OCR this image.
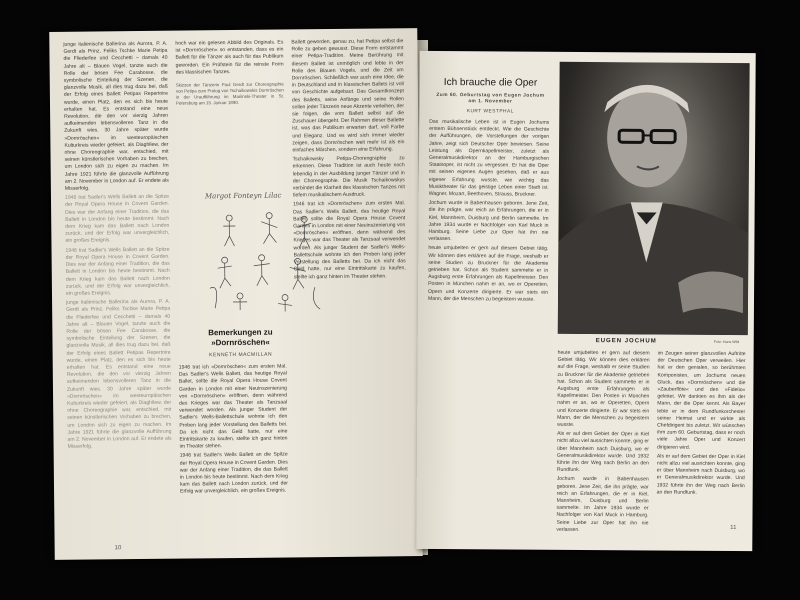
junge italienische Ballerina als Aurora, P. A. Gerdt als Prinz, Feliks Tschke Marie Petipa die Fliederfee und Cecchetti – damals 40 Jahre alt – Blauen Vogel, tanzte auch die Rolle der bösen Fee Carabosse, die symbolische Einteilung der Szenen, die glanzvolle Musik, all dies trug dazu bei, daß der Erfolg eines Ballett Petipas Repertoire wurde, einen Platz, den es sich bis heute erhalten hat. Es entstand eine neue Revolution, die den vor vierzig Jahren aufkeimenden lebensvolleren Tanz in die Zukunft wies. 30 Jahre später wurde »Dornröschen« im westeuropäischen Kulturkreis wieder gefeiert, als Diaghilew, der ohne Choreographie war, entschied, mit seinen künstlerischen Vorhaben zu brechen, um London sich zu eigen zu machen. Im Jahre 1921 führte die glanzvolle Aufführung am 2. November in London auf. Er endete als Misserfolg.

1946 trat Sadler's Wells Ballett an die Spitze der Royal Opera House in Covent Garden. Dies war der Anfang einer Tradition, die das Ballett in London bis heute bestimmt. Nach dem Krieg kam das Ballett nach London zurück, und der Erfolg war unvergleichlich, ein großes Ereignis.

1946 trat Sadler's Wells Ballett an die Spitze der Royal Opera House in Covent Garden. Dies war der Anfang einer Tradition, die das Ballett in London bis heute bestimmt. Nach dem Krieg kam das Ballett nach London zurück, und der Erfolg war unvergleichlich, ein großes Ereignis.

junge italienische Ballerina als Aurora, P. A. Gerdt als Prinz, Feliks Tschke Marie Petipa die Fliederfee und Cecchetti – damals 40 Jahre alt – Blauen Vogel, tanzte auch die Rolle der bösen Fee Carabosse, die symbolische Einteilung der Szenen, die glanzvolle Musik, all dies trug dazu bei, daß der Erfolg eines Ballett Petipas Repertoire wurde, einen Platz, den es sich bis heute erhalten hat. Es entstand eine neue Revolution, die den vor vierzig Jahren aufkeimenden lebensvolleren Tanz in die Zukunft wies. 30 Jahre später wurde »Dornröschen« im westeuropäischen Kulturkreis wieder gefeiert, als Diaghilew, der ohne Choreographie war, entschied, mit seinen künstlerischen Vorhaben zu brechen, um London sich zu eigen zu machen. Im Jahre 1921 führte die glanzvolle Aufführung am 2. November in London auf. Er endete als Misserfolg.

hoch war ein gelesen Abbild des Originals. Es ist »Dornröschen« so entstanden, dass es ein Ballett für die Tänzer als auch für das Publikum geworden. Ein Prüfstein für die reinste Form des klassischen Tanzes.

Skizzen der Tänzerin Paul Gerdt zur Choreographie von Petipa zum Prolog von Tschaikowskis Dornröschen in der Uraufführung im Mariinski-Theater in St. Petersburg am 15. Januar 1890.

Margot Fonteyn Lilac
Bemerkungen zu
»Dornröschen«
KENNETH MACMILLAN

1946 trat ich »Dornröschen« zum ersten Mal. Das Sadler's Wells Ballett, das heutige Royal Ballet, sollte die Royal Opera House Covent Garden in London mit einer Neuinszenierung von »Dornröschen« eröffnen, denn während des Krieges war das Theater als Tanzsaal verwendet worden. Als junger Student der Sadler's Wells-Ballettschule wohnte ich den Proben lang jeder Vorstellung des Balletts bei. Da ich nicht das Geld hatte, nur eine Eintrittskarte zu kaufen, stellte ich ganz hinten im Theater stehen.

1946 trat Sadler's Wells Ballett an die Spitze der Royal Opera House in Covent Garden. Dies war der Anfang einer Tradition, die das Ballett in London bis heute bestimmt. Nach dem Krieg kam das Ballett nach London zurück, und der Erfolg war unvergleichlich, ein großes Ereignis.

Ballett geworden, genau zu, hat Petipa selbst die Rolle zu geben gewusst. Diese Form entstammt einer Petipa-Tradition. Meine Berührung mit diesem Ballett ist unmöglich und lebte in der Rolle des Blauen Vogels, und die Zeit um Dornröschen. Schließlich war auch eine Idee, die in Deutschland und in klassischen Ballets ist voll von Geschichte aufgebaut. Das Gesamtkonzept des Balletts, seine Anfänge und seine Rollen sollen jeder Tänzerin neue Akzente verleihen, der sie folgen, die vom Ballett selbst auf die Zuschauer übergeht. Der Rahmen dieser Ballette ist, was das Publikum erwarten darf, voll Farbe und Eleganz. Und es wird sich immer wieder zeigen, dass Dornröschen weit mehr ist als ein einfaches Märchen, sondern eine Erfahrung.

Tschaikowsky Petipa-Choreographie zu erkennen. Diese Tradition ist auch heute noch lebendig in der Ausbildung junger Tänzer und in der Choreographie. Die Musik Tschaikowskys verbindet die Klarheit des klassischen Tanzes mit tiefem musikalischem Ausdruck.

1946 trat ich »Dornröschen« zum ersten Mal. Das Sadler's Wells Ballett, das heutige Royal Ballet, sollte die Royal Opera House Covent Garden in London mit einer Neuinszenierung von »Dornröschen« eröffnen, denn während des Krieges war das Theater als Tanzsaal verwendet worden. Als junger Student der Sadler's Wells-Ballettschule wohnte ich den Proben lang jeder Vorstellung des Balletts bei. Da ich nicht das Geld hatte, nur eine Eintrittskarte zu kaufen, stellte ich ganz hinten im Theater stehen.

10
Ich brauche die Oper
Zum 60. Geburtstag von Eugen Jochum
am 1. November
KURT WESTPHAL

Das musikalische Leben ist in Eugen Jochums erstem Bühnenstück entdeckt. Wie die Geschichte der Aufführungen, die Vorstellungen der vorigen Jahre, zeigt sich Deutscher Oper bewiesen. Seine Leistung als Opernkapellmeister, zuletzt als Generalmusikdirektor an der Hamburgischen Staatsoper, ist nicht zu vergessen. Er hat die Oper mit seinen eigenen Augen gesehen, daß er aus eigener Erfahrung wusste, wie wichtig das Musiktheater für das geistige Leben einer Stadt ist. Wagner, Mozart, Beethoven, Strauss, Bruckner.

Jochum wurde in Babenhausen geboren. Jene Zeit, die ihn prägte, war reich an Erfahrungen, die er in Kiel, Mannheim, Duisburg und Berlin sammelte. Im Jahre 1934 wurde er Nachfolger von Karl Muck in Hamburg. Seine Liebe zur Oper hat ihn nie verlassen.

heute umjubelten er gern auf diesem Gebiet tätig. Wir können dies erklären auf die Frage, weshalb er seine Studien zu Bruckner für die Akademie getrieben hat. Schon als Student sammelte er in Augsburg erste Erfahrungen als Kapellmeister. Den Posten in München nahm er an, wo er Operetten, Opern und Konzerte dirigierte. Er war stets ein Mann, der die Menschen zu begeistern wusste.

EUGEN JOCHUM	Foto: Hans Wild

heute umjubelten er gern auf diesem Gebiet tätig. Wir können dies erklären auf die Frage, weshalb er seine Studien zu Bruckner für die Akademie getrieben hat. Schon als Student sammelte er in Augsburg erste Erfahrungen als Kapellmeister. Den Posten in München nahm er an, wo er Operetten, Opern und Konzerte dirigierte. Er war stets ein Mann, der die Menschen zu begeistern wusste.

Als er auf dem Gebiet der Oper in Kiel nicht allzu viel ausrichten konnte, ging er über Mannheim nach Duisburg, wo er Generalmusikdirektor wurde. Und 1932 führte ihn der Weg nach Berlin an den Rundfunk.

Jochum wurde in Babenhausen geboren. Jene Zeit, die ihn prägte, war reich an Erfahrungen, die er in Kiel, Mannheim, Duisburg und Berlin sammelte. Im Jahre 1934 wurde er Nachfolger von Karl Muck in Hamburg. Seine Liebe zur Oper hat ihn nie verlassen.

im Zeugen seiner glanzvollen Auftritte der Deutschen Oper verweilen. Hier hat er den genialen, so berühmten Komponisten, um Jochums neuen Gluck, das »Dornröschen« und die »Zauberflöte« und den »Fidelio« geleitet. Wir dankten es ihm als der Mann, der die Oper kennt. Als Bayer lebte er in dem Rundfunkorchester seiner Heimat und er wirkte als Chefdirigent bis zuletzt. Wir wünschen ihm zum 60. Geburtstag, dass er noch viele Jahre Oper und Konzert dirigieren wird.

Als er auf dem Gebiet der Oper in Kiel nicht allzu viel ausrichten konnte, ging er über Mannheim nach Duisburg, wo er Generalmusikdirektor wurde. Und 1932 führte ihn der Weg nach Berlin an den Rundfunk.

11
